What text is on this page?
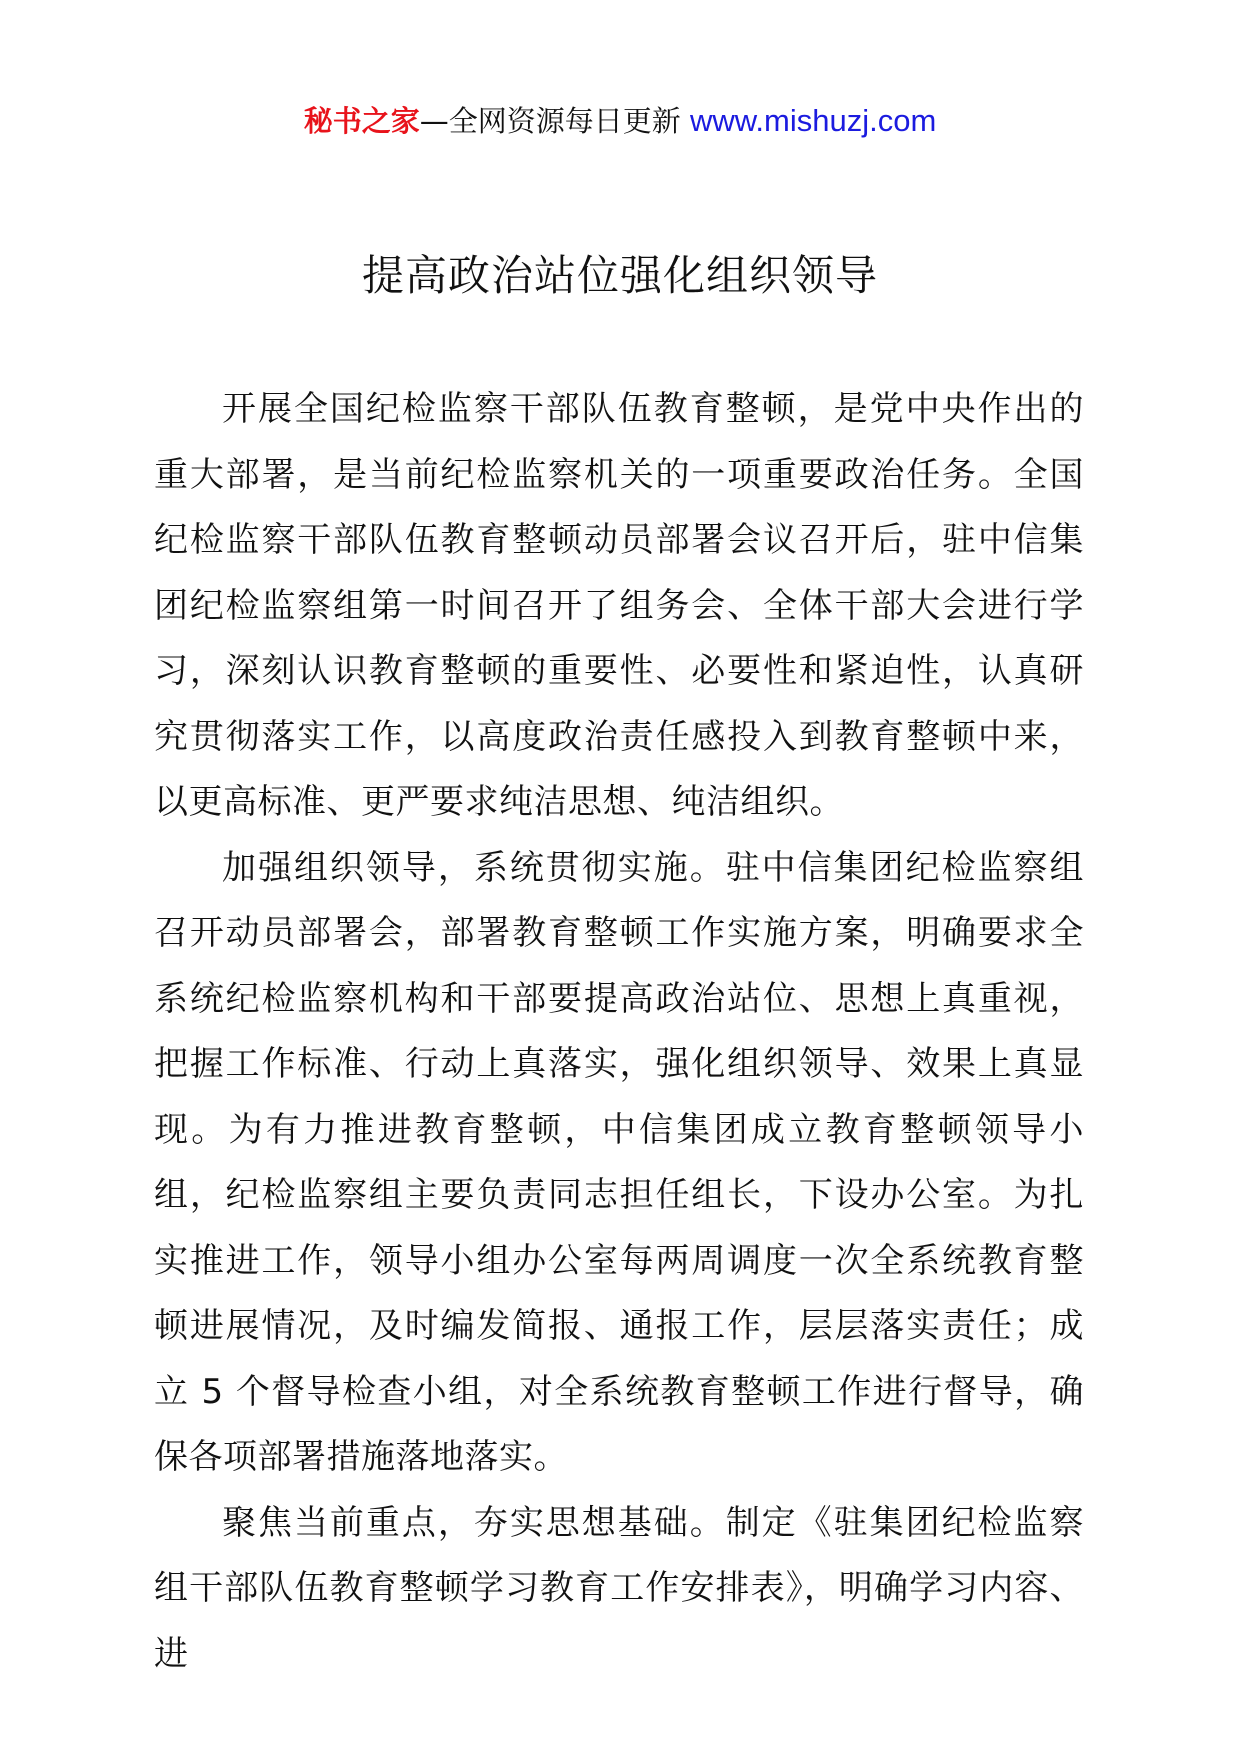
秘书之家—全网资源每日更新 www.mishuzj.com
提高政治站位强化组织领导

开展全国纪检监察干部队伍教育整顿，是党中央作出的重大部署，是当前纪检监察机关的一项重要政治任务。全国纪检监察干部队伍教育整顿动员部署会议召开后，驻中信集团纪检监察组第一时间召开了组务会、全体干部大会进行学习，深刻认识教育整顿的重要性、必要性和紧迫性，认真研究贯彻落实工作，以高度政治责任感投入到教育整顿中来，以更高标准、更严要求纯洁思想、纯洁组织。

加强组织领导，系统贯彻实施。驻中信集团纪检监察组召开动员部署会，部署教育整顿工作实施方案，明确要求全系统纪检监察机构和干部要提高政治站位、思想上真重视，把握工作标准、行动上真落实，强化组织领导、效果上真显现。为有力推进教育整顿，中信集团成立教育整顿领导小组，纪检监察组主要负责同志担任组长，下设办公室。为扎实推进工作，领导小组办公室每两周调度一次全系统教育整顿进展情况，及时编发简报、通报工作，层层落实责任；成立 5 个督导检查小组，对全系统教育整顿工作进行督导，确保各项部署措施落地落实。

聚焦当前重点，夯实思想基础。制定《驻集团纪检监察组干部队伍教育整顿学习教育工作安排表》，明确学习内容、进
